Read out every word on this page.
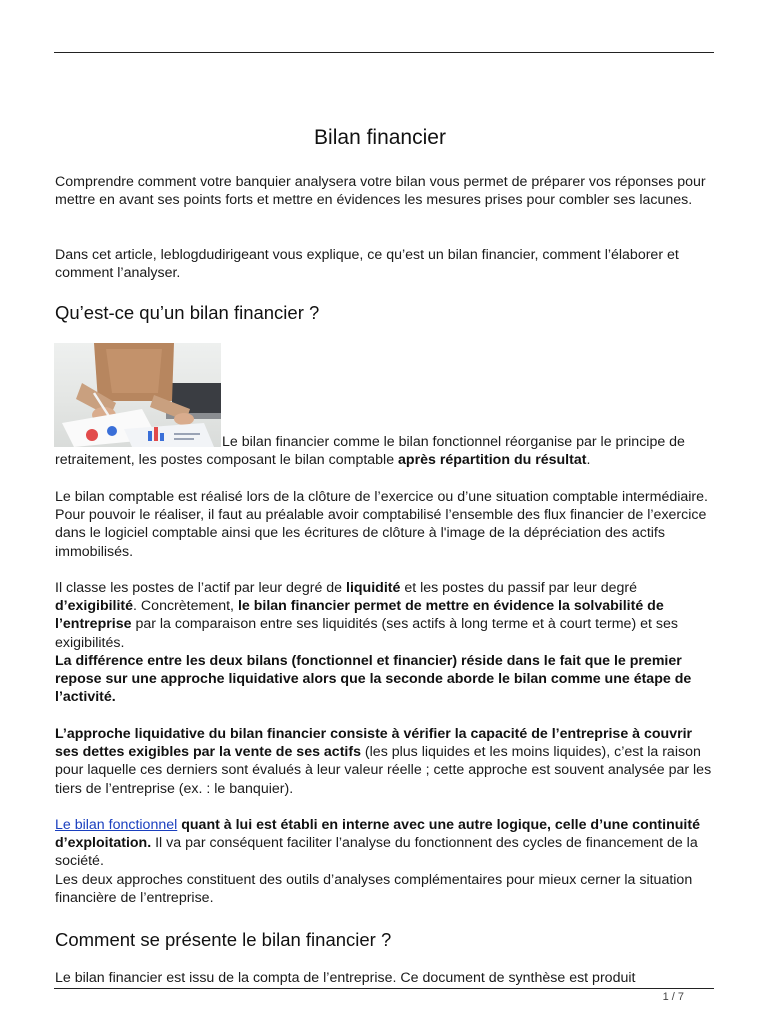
Bilan financier

Comprendre comment votre banquier analysera votre bilan vous permet de préparer vos réponses pour mettre en avant ses points forts et mettre en évidences les mesures prises pour combler ses lacunes.

Dans cet article, leblogdudirigeant vous explique, ce qu’est un bilan financier, comment l’élaborer et comment l’analyser.

Qu’est-ce qu’un bilan financier ?

Le bilan financier comme le bilan fonctionnel réorganise par le principe de retraitement, les postes composant le bilan comptable après répartition du résultat.

Le bilan comptable est réalisé lors de la clôture de l’exercice ou d’une situation comptable intermédiaire. Pour pouvoir le réaliser, il faut au préalable avoir comptabilisé l’ensemble des flux financier de l’exercice dans le logiciel comptable ainsi que les écritures de clôture à l'image de la dépréciation des actifs immobilisés.

Il classe les postes de l’actif par leur degré de liquidité et les postes du passif par leur degré d’exigibilité. Concrètement, le bilan financier permet de mettre en évidence la solvabilité de l’entreprise par la comparaison entre ses liquidités (ses actifs à long terme et à court terme) et ses exigibilités.
La différence entre les deux bilans (fonctionnel et financier) réside dans le fait que le premier repose sur une approche liquidative alors que la seconde aborde le bilan comme une étape de l’activité.

L’approche liquidative du bilan financier consiste à vérifier la capacité de l’entreprise à couvrir ses dettes exigibles par la vente de ses actifs (les plus liquides et les moins liquides), c’est la raison pour laquelle ces derniers sont évalués à leur valeur réelle ; cette approche est souvent analysée par les tiers de l’entreprise (ex. : le banquier).

Le bilan fonctionnel quant à lui est établi en interne avec une autre logique, celle d’une continuité d’exploitation. Il va par conséquent faciliter l’analyse du fonctionnent des cycles de financement de la société.
Les deux approches constituent des outils d’analyses complémentaires pour mieux cerner la situation financière de l’entreprise.

Comment se présente le bilan financier ?

Le bilan financier est issu de la compta de l’entreprise. Ce document de synthèse est produit

1 / 7
